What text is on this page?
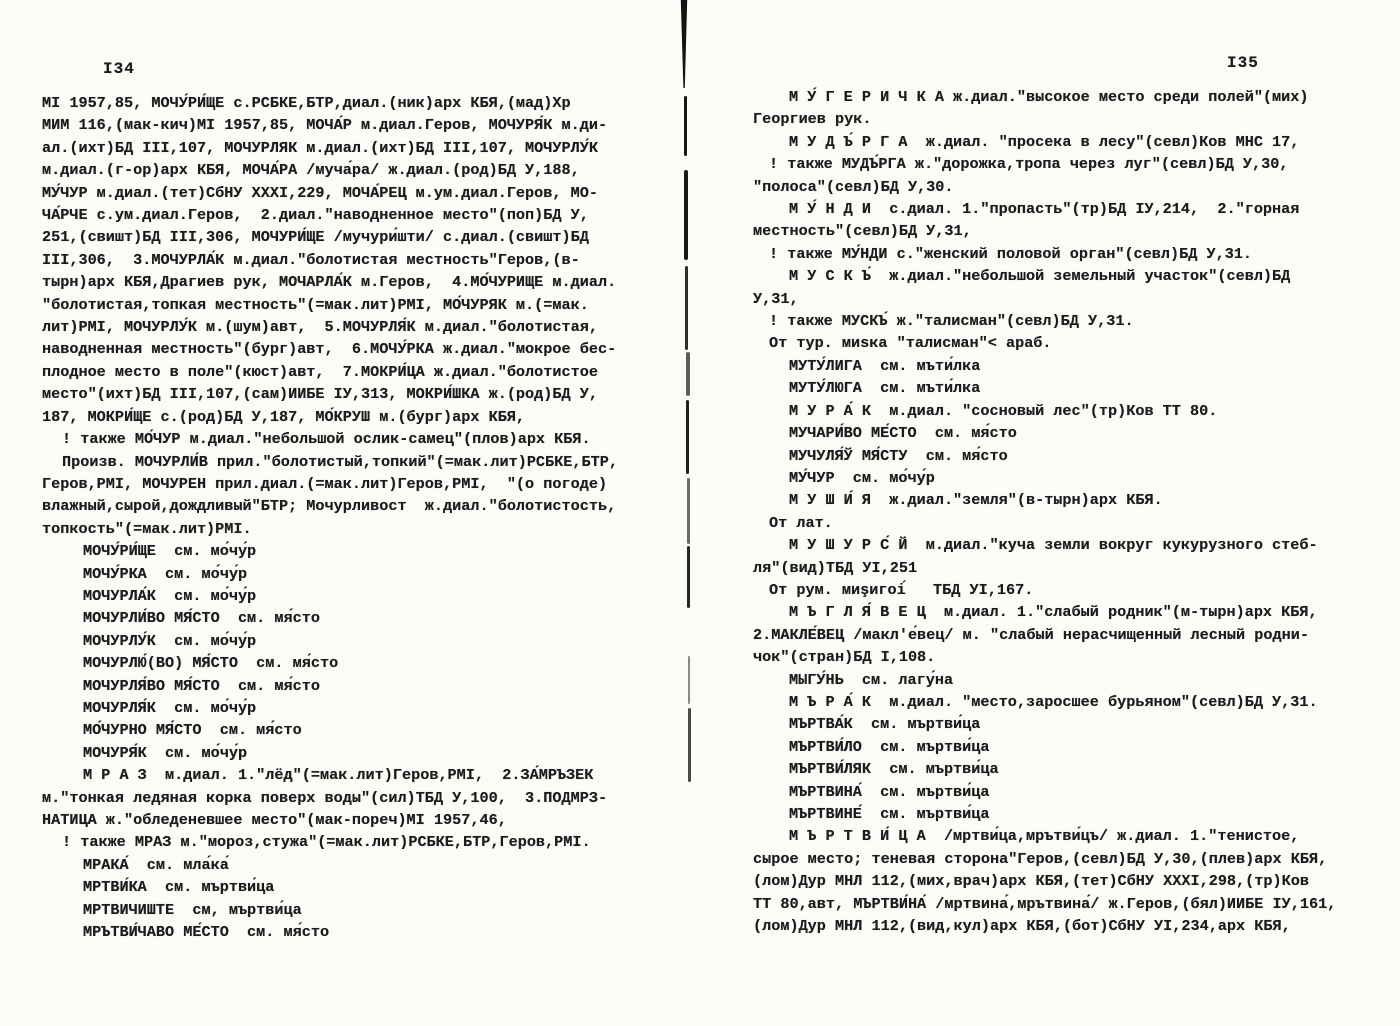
I34	I35
МІ 1957,85, МОЧУ́РИ́ЩЕ с.РСБКЕ,БТР,диал.(ник)арх КБЯ,(мад)Хр
МИМ 116,(мак-кич)МІ 1957,85, МОЧА́Р м.диал.Геров, МОЧУРЯ́К м.ди-
ал.(ихт)БД III,107, МОЧУРЛЯК м.диал.(ихт)БД III,107, МОЧУРЛУ́К
м.диал.(г-ор)арх КБЯ, МОЧА́РА /муча́ра/ ж.диал.(род)БД У,188,
МУ́ЧУР м.диал.(тет)СбНУ XXXI,229, МОЧА́РЕЦ м.ум.диал.Геров, МО-
ЧА́РЧЕ с.ум.диал.Геров,  2.диал."наводненное место"(поп)БД У,
251,(свишт)БД III,306, МОЧУРИ́ЩЕ /мучури́шти/ с.диал.(свишт)БД
III,306,  3.МОЧУРЛА́К м.диал."болотистая местность"Геров,(в-
тырн)арх КБЯ,Драгиев рук, МОЧАРЛА́К м.Геров,  4.МО́ЧУРИЩЕ м.диал.
"болотистая,топкая местность"(=мак.лит)РМІ, МО́ЧУРЯК м.(=мак.
лит)РМІ, МОЧУРЛУ́К м.(шум)авт,  5.МОЧУРЛЯ́К м.диал."болотистая,
наводненная местность"(бург)авт,  6.МОЧУ́РКА ж.диал."мокрое бес-
плодное место в поле"(кюст)авт,  7.МОКРИ́ЦА ж.диал."болотистое
место"(ихт)БД III,107,(сам)ИИБЕ ІУ,313, МОКРИ́ШКА ж.(род)БД У,
187, МОКРИ́ЩЕ с.(род)БД У,187, МО́КРУШ м.(бург)арх КБЯ,
! также МО́ЧУР м.диал."небольшой ослик-самец"(плов)арх КБЯ.
Произв. МОЧУРЛИ́В прил."болотистый,топкий"(=мак.лит)РСБКЕ,БТР,
Геров,РМІ, МОЧУРЕН прил.диал.(=мак.лит)Геров,РМІ,  "(о погоде)
влажный,сырой,дождливый"БТР; Мочурливост  ж.диал."болотистость,
топкость"(=мак.лит)РМІ.
МОЧУ́РИ́ЩЕ  см. мо́чу́р
МОЧУ́РКА  см. мо́чу́р
МОЧУРЛА́К  см. мо́чу́р
МОЧУРЛИ́ВО МЯ́СТО  см. мя́сто
МОЧУРЛУ́К  см. мо́чу́р
МОЧУРЛЮ́(ВО) МЯ́СТО  см. мя́сто
МОЧУРЛЯ́ВО МЯ́СТО  см. мя́сто
МОЧУРЛЯ́К  см. мо́чу́р
МО́ЧУРНО МЯ́СТО  см. мя́сто
МОЧУРЯ́К  см. мо́чу́р
М Р А З  м.диал. 1."лёд"(=мак.лит)Геров,РМІ,  2.ЗА́МРЪЗЕК
м."тонкая ледяная корка поверх воды"(сил)ТБД У,100,  3.ПОДМРЗ-
НАТИЦА ж."обледеневшее место"(мак-пореч)МІ 1957,46,
! также МРАЗ м."мороз,стужа"(=мак.лит)РСБКЕ,БТР,Геров,РМІ.
МРАКА́  см. мла́ка́
МРТВИ́КА  см. мъртви́ца
МРТВИЧИШТЕ  см, мъртви́ца
МРЪТВИ́ЧАВО МЕ́СТО  см. мя́сто
М У́ Г Е Р И Ч К А ж.диал."высокое место среди полей"(мих)
Георгиев рук.
М У Д Ъ́ Р Г А  ж.диал. "просека в лесу"(севл)Ков МНС 17,
! также МУДЪ́РГА ж."дорожка,тропа через луг"(севл)БД У,30,
"полоса"(севл)БД У,30.
М У́ Н Д И  с.диал. 1."пропасть"(тр)БД ІУ,214,  2."горная
местность"(севл)БД У,31,
! также МУ́НДИ с."женский половой орган"(севл)БД У,31.
М У С К Ъ́  ж.диал."небольшой земельный участок"(севл)БД
У,31,
! также МУСКЪ́ ж."талисман"(севл)БД У,31.
От тур. миsка "талисман"< араб.
МУТУ́ЛИГА  см. мъти́лка
МУТУ́ЛЮГА  см. мъти́лка
М У Р А́ К  м.диал. "сосновый лес"(тр)Ков ТТ 80.
МУЧАРИ́ВО МЕ́СТО  см. мя́сто
МУЧУЛЯ́Ў МЯ́СТУ  см. мя́сто
МУ́ЧУР  см. мо́чу́р
М У Ш И́ Я  ж.диал."земля"(в-тырн)арх КБЯ.
От лат.
М У Ш У Р С́ Й  м.диал."куча земли вокруг кукурузного стеб-
ля"(вид)ТБД УІ,251
От рум. миşигоі́   ТБД УІ,167.
М Ъ Г Л Я́ В Е Ц  м.диал. 1."слабый родник"(м-тырн)арх КБЯ,
2.МАКЛЕ́ВЕЦ /макл'е́вец/ м. "слабый нерасчищенный лесный родни-
чок"(стран)БД І,108.
МЫГУ́НЬ  см. лагу́на
М Ъ Р А́ К  м.диал. "место,заросшее бурьяном"(севл)БД У,31.
МЪРТВА́К  см. мъртви́ца
МЪРТВИ́ЛО  см. мъртви́ца
МЪРТВИ́ЛЯК  см. мъртви́ца
МЪРТВИНА́  см. мъртви́ца
МЪРТВИНЕ́  см. мъртви́ца
М Ъ Р Т В И́ Ц А  /мртви́ца,мрътви́цъ/ ж.диал. 1."тенистое,
сырое место; теневая сторона"Геров,(севл)БД У,30,(плев)арх КБЯ,
(лом)Дур МНЛ 112,(мих,врач)арх КБЯ,(тет)СбНУ XXXI,298,(тр)Ков
ТТ 80,авт, МЪРТВИ́НА́ /мртвина́,мрътвина́/ ж.Геров,(бял)ИИБЕ ІУ,161,
(лом)Дур МНЛ 112,(вид,кул)арх КБЯ,(бот)СбНУ УІ,234,арх КБЯ,
